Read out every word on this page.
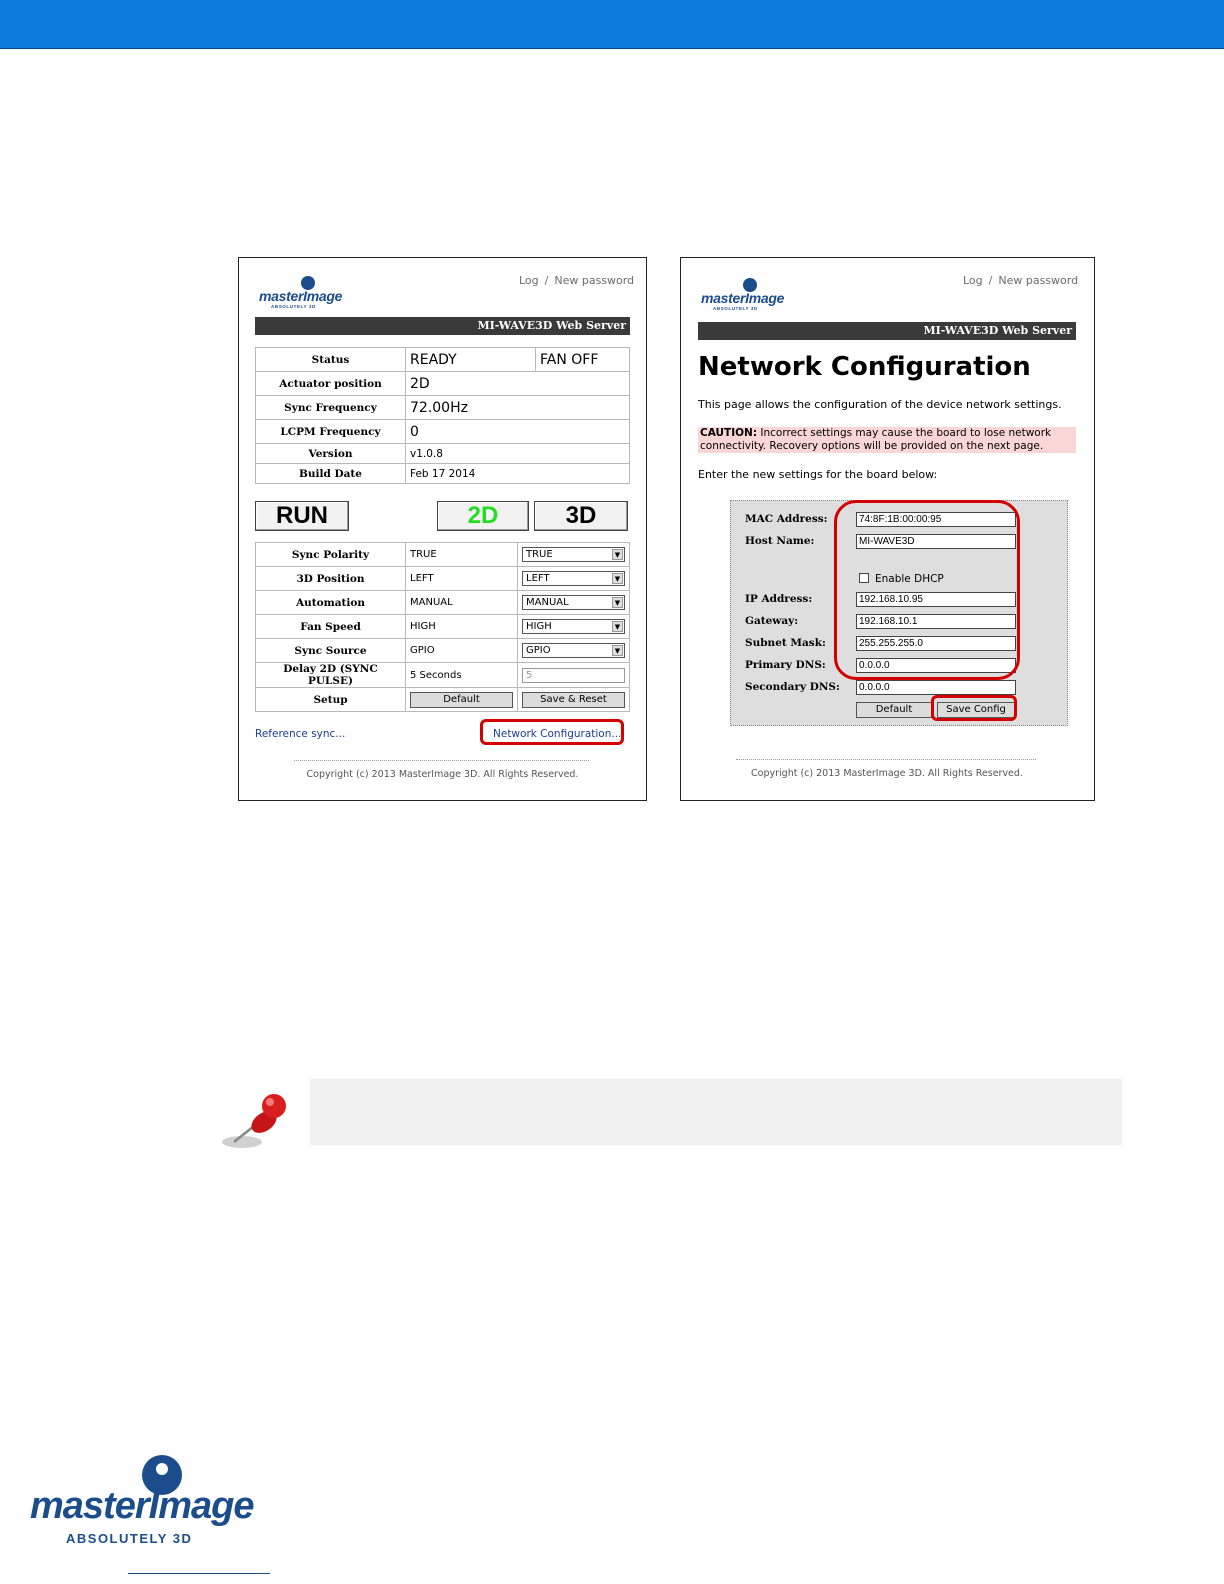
Log / New password
masterImage
ABSOLUTELY 3D
MI-WAVE3D Web Server
Status	READY	FAN OFF
Actuator position	2D	
Sync Frequency	72.00Hz	
LCPM Frequency	0	
Version	v1.0.8	
Build Date	Feb 17 2014	
RUN	2D	3D
Sync Polarity	TRUE	TRUE ▼

3D Position	LEFT	LEFT ▼

Automation	MANUAL	MANUAL ▼

Fan Speed	HIGH	HIGH ▼

Sync Source	GPIO	GPIO ▼

Delay 2D (SYNC PULSE)	5 Seconds	5

Setup	Default	Save & Reset
Reference sync...	Network Configuration...
Copyright (c) 2013 MasterImage 3D. All Rights Reserved.
Log / New password
masterImage
ABSOLUTELY 3D
MI-WAVE3D Web Server
Network Configuration
This page allows the configuration of the device network settings.
CAUTION: Incorrect settings may cause the board to lose network
connectivity. Recovery options will be provided on the next page.
Enter the new settings for the board below:
MAC Address:	74:8F:1B:00:00:95
Host Name:	MI-WAVE3D
Enable DHCP
IP Address:	192.168.10.95
Gateway:	192.168.10.1
Subnet Mask:	255.255.255.0
Primary DNS:	0.0.0.0
Secondary DNS:	0.0.0.0
Default	Save Config
Copyright (c) 2013 MasterImage 3D. All Rights Reserved.
masterImage
ABSOLUTELY 3D
